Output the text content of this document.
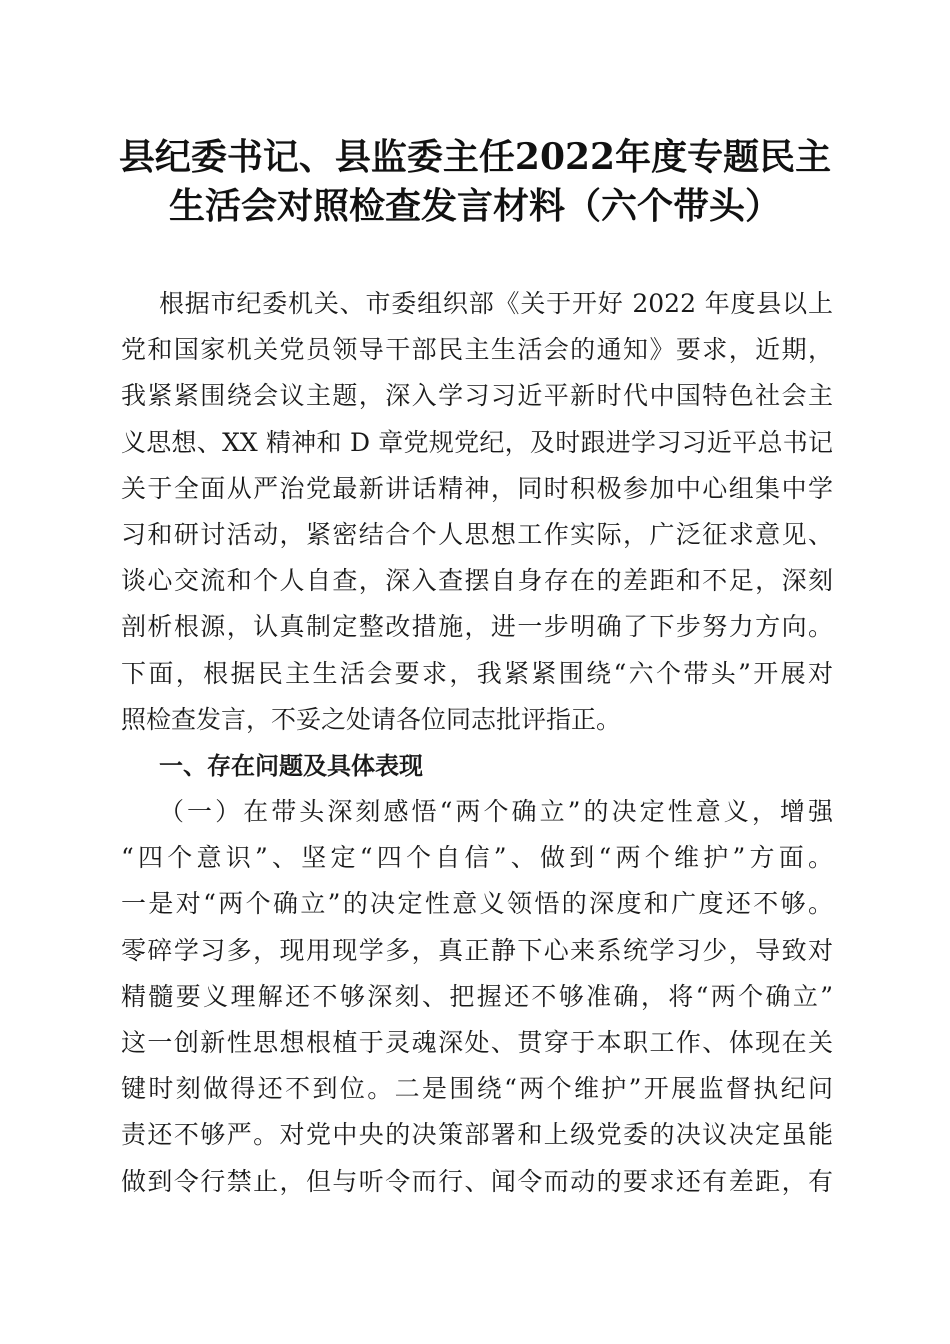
县纪委书记、县监委主任2022年度专题民主
生活会对照检查发言材料（六个带头）
根据市纪委机关、市委组织部《关于开好 2022 年度县以上
党和国家机关党员领导干部民主生活会的通知》要求，近期，
我紧紧围绕会议主题，深入学习习近平新时代中国特色社会主
义思想、XX 精神和 D 章党规党纪，及时跟进学习习近平总书记
关于全面从严治党最新讲话精神，同时积极参加中心组集中学
习和研讨活动，紧密结合个人思想工作实际，广泛征求意见、
谈心交流和个人自查，深入查摆自身存在的差距和不足，深刻
剖析根源，认真制定整改措施，进一步明确了下步努力方向。
下面，根据民主生活会要求，我紧紧围绕“六个带头”开展对
照检查发言，不妥之处请各位同志批评指正。
一、存在问题及具体表现
（一）在带头深刻感悟“两个确立”的决定性意义，增强
“四个意识”、坚定“四个自信”、做到“两个维护”方面。
一是对“两个确立”的决定性意义领悟的深度和广度还不够。
零碎学习多，现用现学多，真正静下心来系统学习少，导致对
精髓要义理解还不够深刻、把握还不够准确，将“两个确立”
这一创新性思想根植于灵魂深处、贯穿于本职工作、体现在关
键时刻做得还不到位。二是围绕“两个维护”开展监督执纪问
责还不够严。对党中央的决策部署和上级党委的决议决定虽能
做到令行禁止，但与听令而行、闻令而动的要求还有差距，有
